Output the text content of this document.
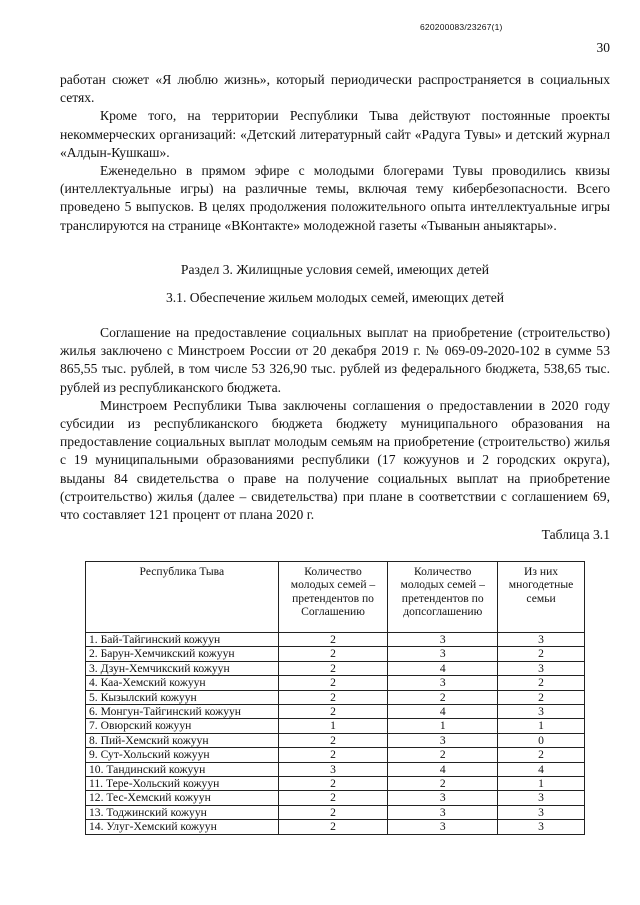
620200083/23267(1)
30

работан сюжет «Я люблю жизнь», который периодически распространяется в социальных сетях.

Кроме того, на территории Республики Тыва действуют постоянные проекты некоммерческих организаций: «Детский литературный сайт «Радуга Тувы» и детский журнал «Алдын-Кушкаш».

Еженедельно в прямом эфире с молодыми блогерами Тувы проводились квизы (интеллектуальные игры) на различные темы, включая тему кибербезопасности. Всего проведено 5 выпусков. В целях продолжения положительного опыта интеллектуальные игры транслируются на странице «ВКонтакте» молодежной газеты «Тыванын аныяктары».

Раздел 3. Жилищные условия семей, имеющих детей
3.1. Обеспечение жильем молодых семей, имеющих детей

Соглашение на предоставление социальных выплат на приобретение (строительство) жилья заключено с Минстроем России от 20 декабря 2019 г. № 069-09-2020-102 в сумме 53 865,55 тыс. рублей, в том числе 53 326,90 тыс. рублей из федерального бюджета, 538,65 тыс. рублей из республиканского бюджета.

Минстроем Республики Тыва заключены соглашения о предоставлении в 2020 году субсидии из республиканского бюджета бюджету муниципального образования на предоставление социальных выплат молодым семьям на приобретение (строительство) жилья с 19 муниципальными образованиями республики (17 кожуунов и 2 городских округа), выданы 84 свидетельства о праве на получение социальных выплат на приобретение (строительство) жилья (далее – свидетельства) при плане в соответствии с соглашением 69, что составляет 121 процент от плана 2020 г.

Таблица 3.1
Республика Тыва	Количество молодых семей – претендентов по Соглашению	Количество молодых семей – претендентов по допсоглашению	Из них многодетные семьи
1. Бай-Тайгинский кожуун	2	3	3
2. Барун-Хемчикский кожуун	2	3	2
3. Дзун-Хемчикский кожуун	2	4	3
4. Каа-Хемский кожуун	2	3	2
5. Кызылский кожуун	2	2	2
6. Монгун-Тайгинский кожуун	2	4	3
7. Овюрский кожуун	1	1	1
8. Пий-Хемский кожуун	2	3	0
9. Сут-Хольский кожуун	2	2	2
10. Тандинский кожуун	3	4	4
11. Тере-Хольский кожуун	2	2	1
12. Тес-Хемский кожуун	2	3	3
13. Тоджинский кожуун	2	3	3
14. Улуг-Хемский кожуун	2	3	3
